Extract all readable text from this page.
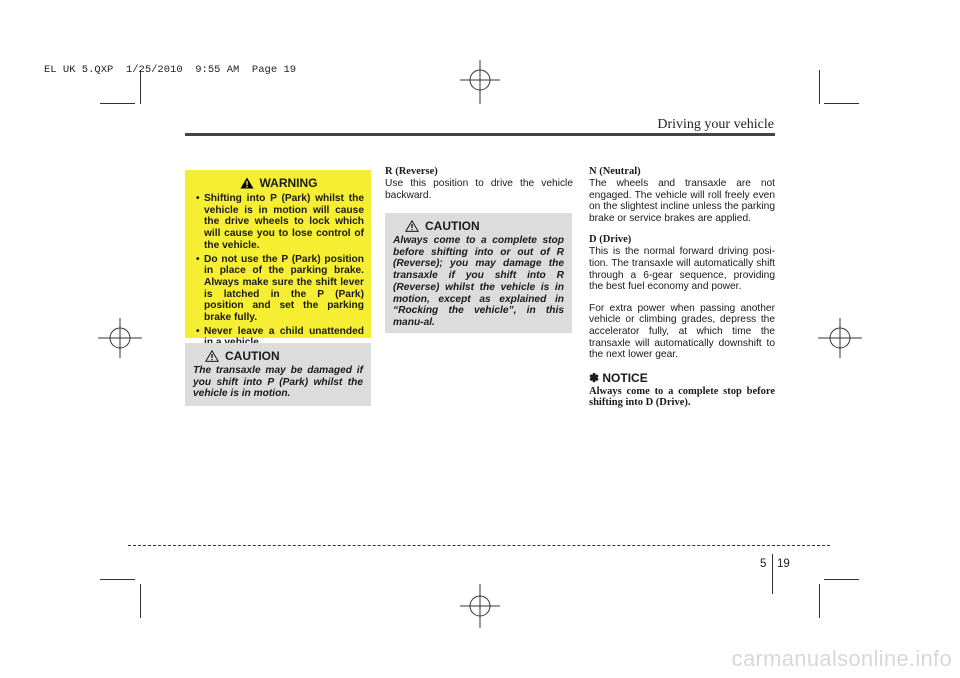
EL UK 5.QXP  1/25/2010  9:55 AM  Page 19
Driving your vehicle
WARNING
• Shifting into P (Park) whilst the vehicle is in motion will cause the drive wheels to lock which will cause you to lose control of the vehicle.
• Do not use the P (Park) position in place of the parking brake. Always make sure the shift lever is latched in the P (Park) position and set the parking brake fully.
• Never leave a child unattended
CAUTION
The transaxle may be damaged if you shift into P (Park) whilst the vehicle is in motion.

R (Reverse)

Use this position to drive the vehicle backward.

CAUTION
Always come to a complete stop before shifting into or out of R (Reverse); you may damage the transaxle if you shift into R (Reverse) whilst the vehicle is in motion, except as explained in “Rocking the vehicle”, in this manu-al.

N (Neutral)

The wheels and transaxle are not engaged. The vehicle will roll freely even on the slightest incline unless the parking brake or service brakes are applied.

D (Drive)

This is the normal forward driving posi-tion. The transaxle will automatically shift through a 6-gear sequence, providing the best fuel economy and power.

For extra power when passing another vehicle or climbing grades, depress the accelerator fully, at which time the transaxle will automatically downshift to the next lower gear.

✽ NOTICE

Always come to a complete stop before shifting into D (Drive).

5 19
carmanualsonline.info
